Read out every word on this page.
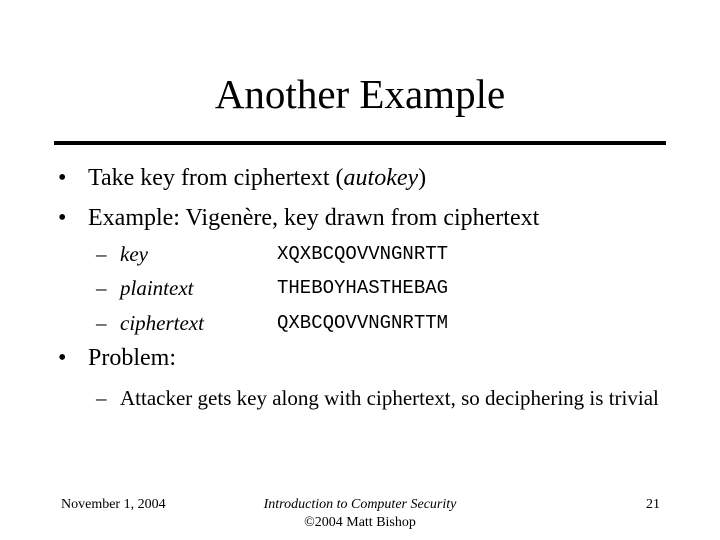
Another Example
• Take key from ciphertext (autokey)
• Example: Vigenère, key drawn from ciphertext
– key	XQXBCQOVVNGNRTT
– plaintext	THEBOYHASTHEBAG
– ciphertext	QXBCQOVVNGNRTTM
• Problem:
– Attacker gets key along with ciphertext, so deciphering is trivial
November 1, 2004	Introduction to Computer Security
©2004 Matt Bishop
21
